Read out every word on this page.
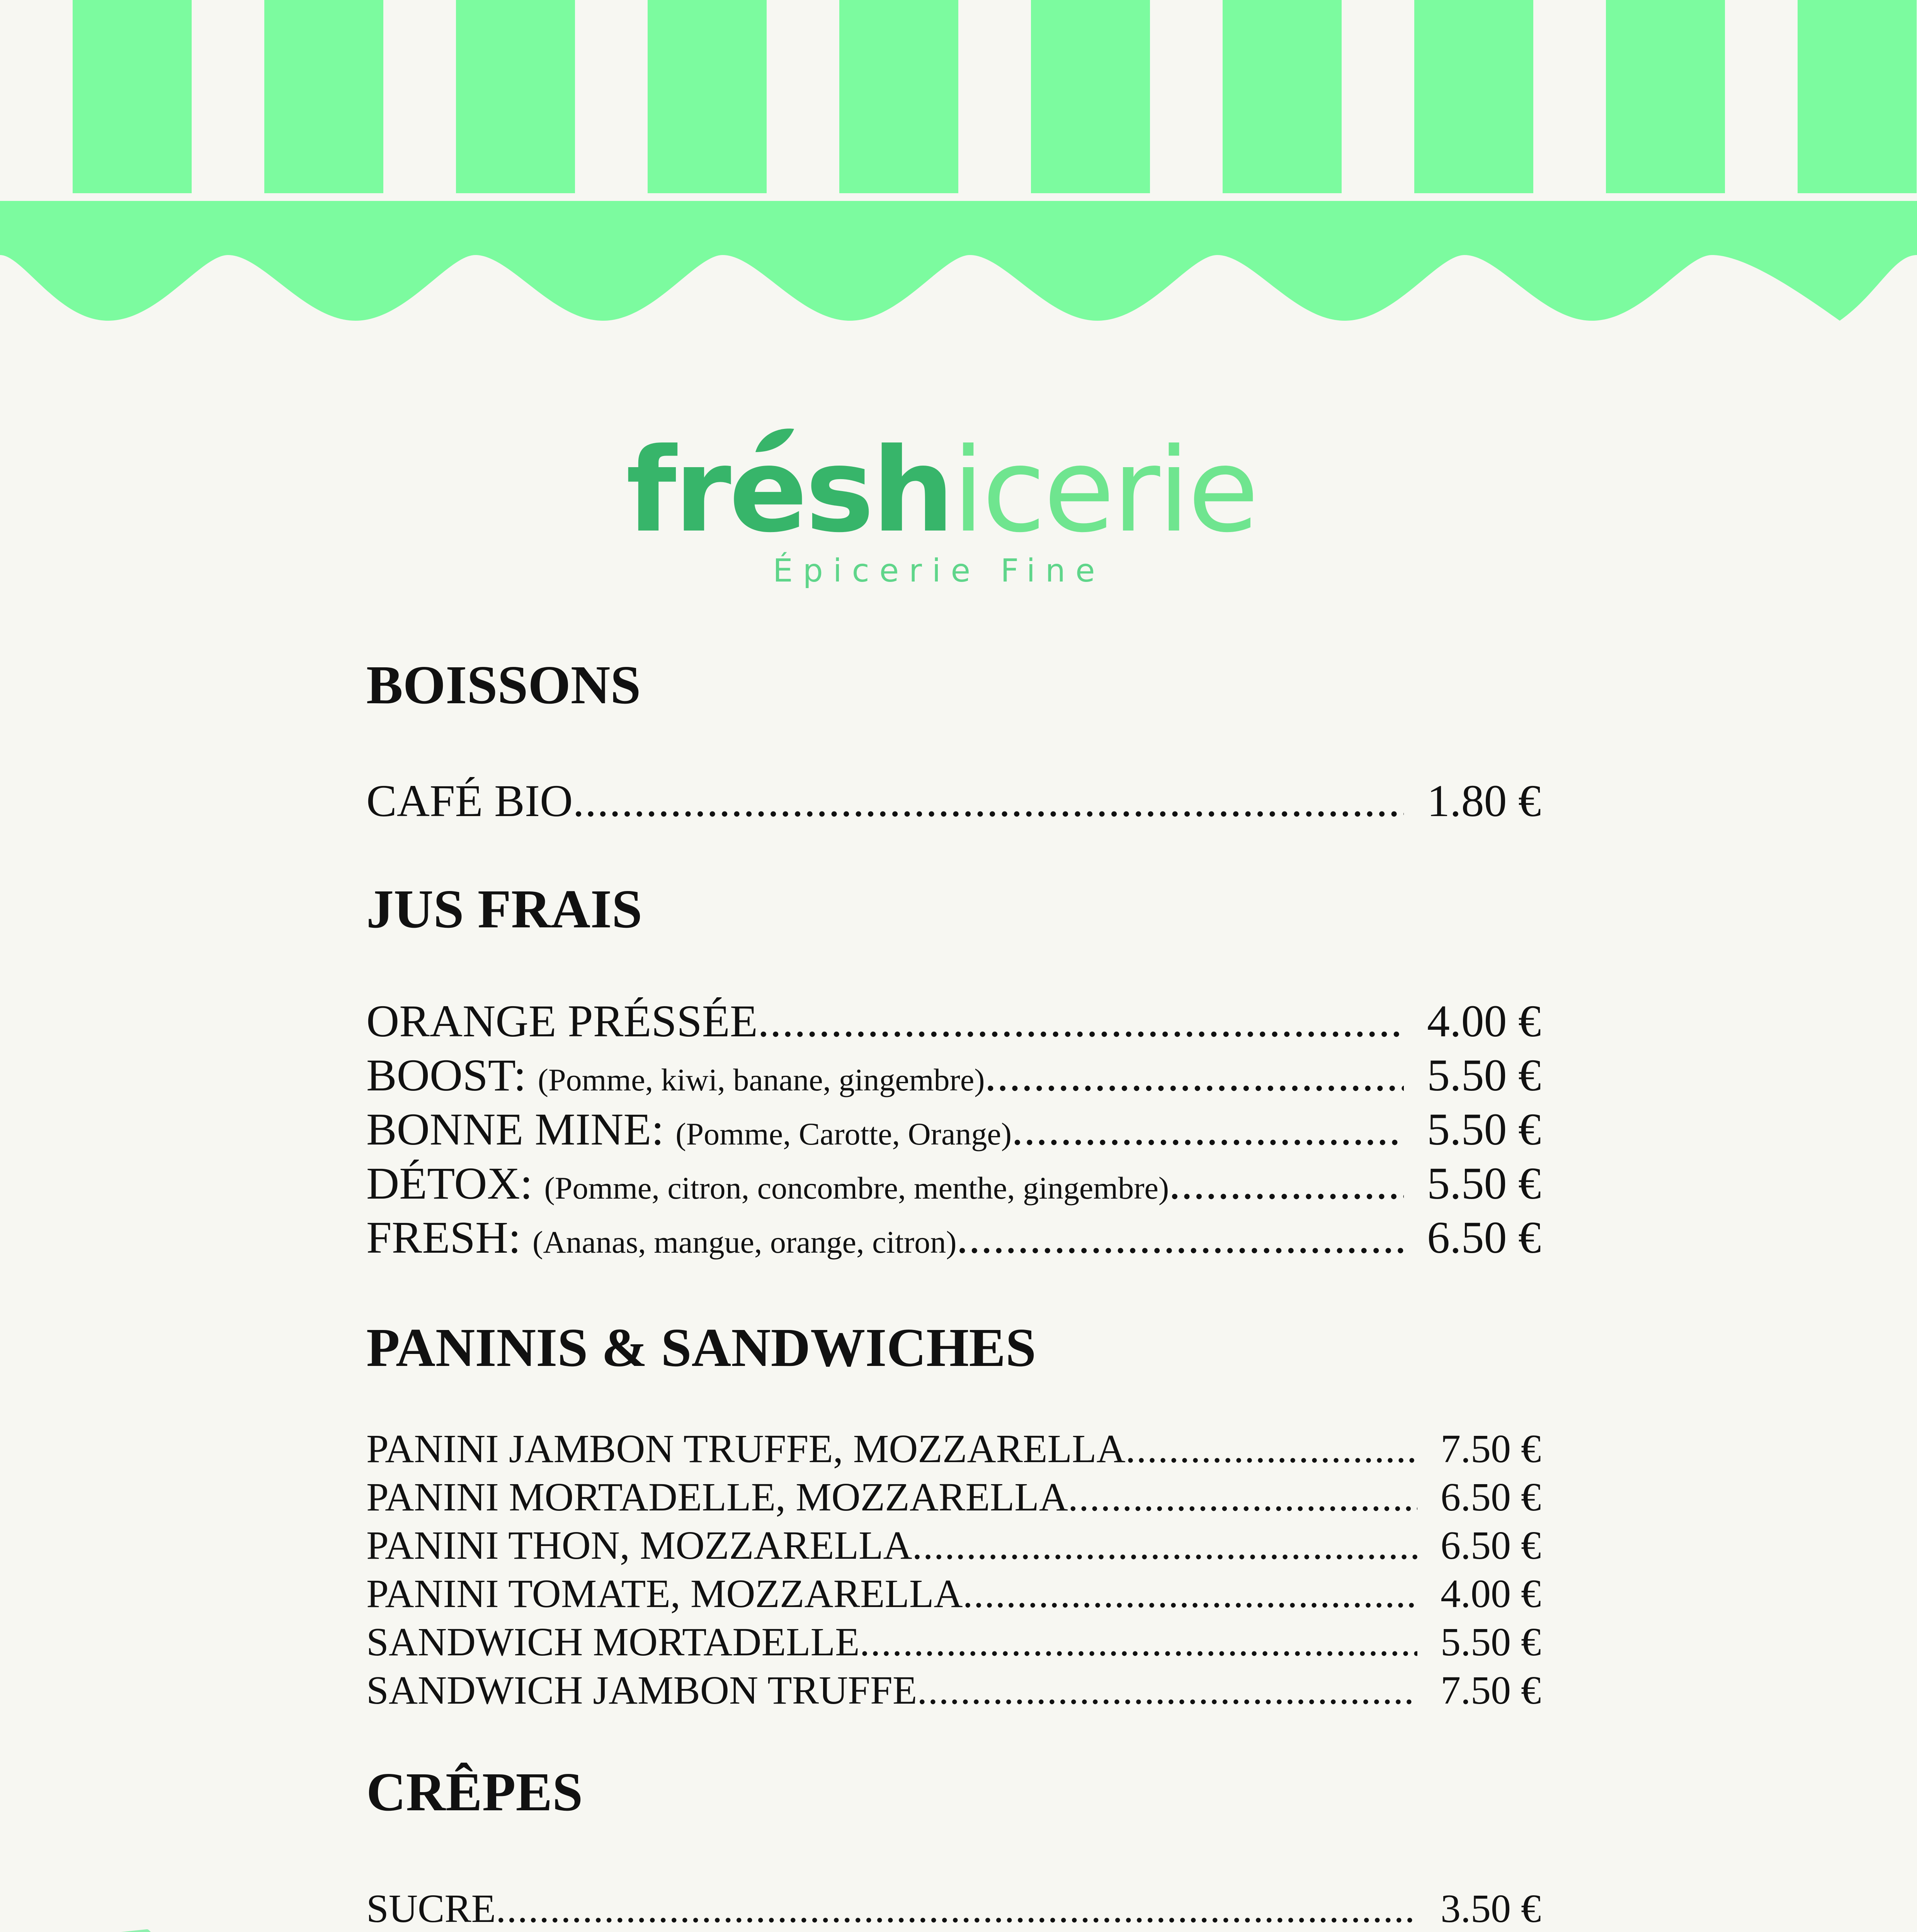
freshicerie
Épicerie Fine
BOISSONS
CAFÉ BIO .....	1.80 €
JUS FRAIS
ORANGE PRÉSSÉE .....	4.00 €
BOOST: (Pomme, kiwi, banane, gingembre) .....	5.50 €
BONNE MINE: (Pomme, Carotte, Orange) .....	5.50 €
DÉTOX: (Pomme, citron, concombre, menthe, gingembre) .....	5.50 €
FRESH: (Ananas, mangue, orange, citron) .....	6.50 €
PANINIS & SANDWICHES
PANINI JAMBON TRUFFE, MOZZARELLA .....	7.50 €
PANINI MORTADELLE, MOZZARELLA .....	6.50 €
PANINI THON, MOZZARELLA .....	6.50 €
PANINI TOMATE, MOZZARELLA .....	4.00 €
SANDWICH MORTADELLE .....	5.50 €
SANDWICH JAMBON TRUFFE .....	7.50 €
CRÊPES
SUCRE .....	3.50 €
